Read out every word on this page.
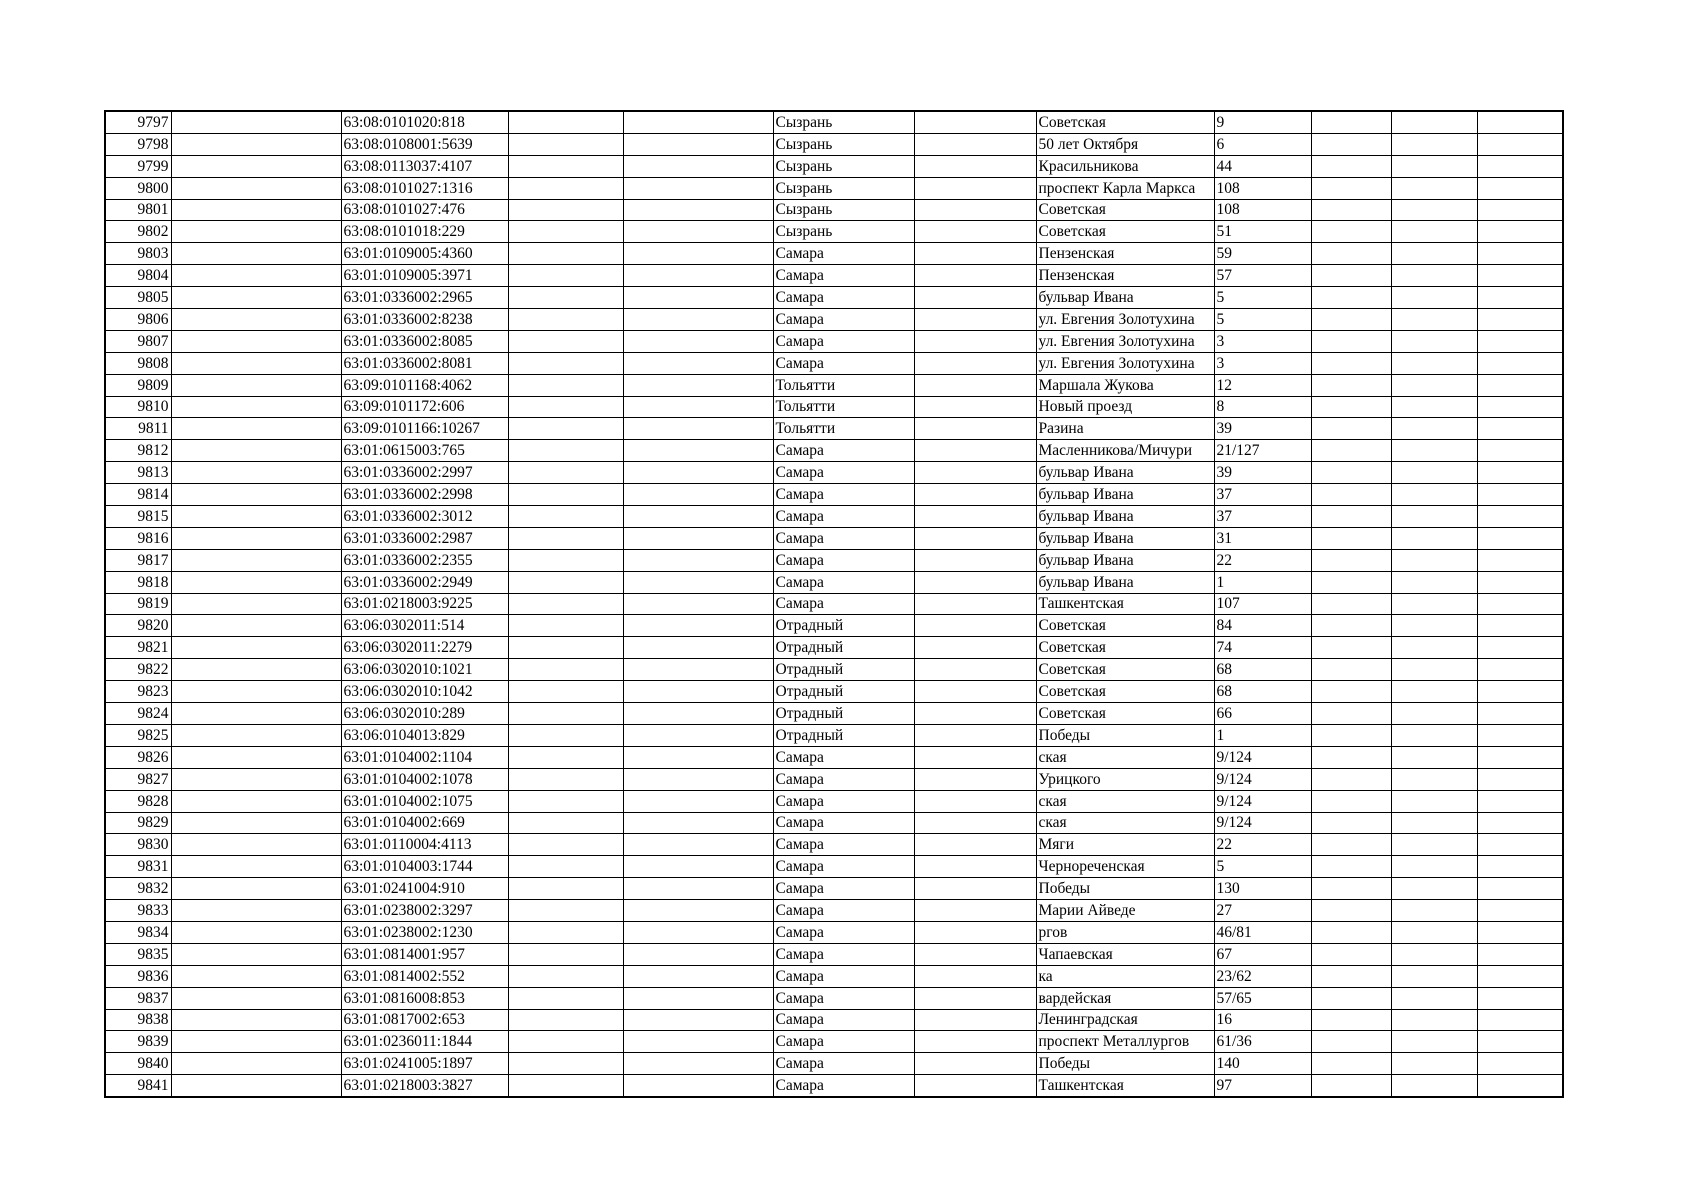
9797		63:08:0101020:818			Сызрань		Советская	9			
9798		63:08:0108001:5639			Сызрань		50 лет Октября	6			
9799		63:08:0113037:4107			Сызрань		Красильникова	44			
9800		63:08:0101027:1316			Сызрань		проспект Карла Маркса	108			
9801		63:08:0101027:476			Сызрань		Советская	108			
9802		63:08:0101018:229			Сызрань		Советская	51			
9803		63:01:0109005:4360			Самара		Пензенская	59			
9804		63:01:0109005:3971			Самара		Пензенская	57			
9805		63:01:0336002:2965			Самара		бульвар Ивана	5			
9806		63:01:0336002:8238			Самара		ул. Евгения Золотухина	5			
9807		63:01:0336002:8085			Самара		ул. Евгения Золотухина	3			
9808		63:01:0336002:8081			Самара		ул. Евгения Золотухина	3			
9809		63:09:0101168:4062			Тольятти		Маршала Жукова	12			
9810		63:09:0101172:606			Тольятти		Новый проезд	8			
9811		63:09:0101166:10267			Тольятти		Разина	39			
9812		63:01:0615003:765			Самара		Масленникова/Мичури	21/127			
9813		63:01:0336002:2997			Самара		бульвар Ивана	39			
9814		63:01:0336002:2998			Самара		бульвар Ивана	37			
9815		63:01:0336002:3012			Самара		бульвар Ивана	37			
9816		63:01:0336002:2987			Самара		бульвар Ивана	31			
9817		63:01:0336002:2355			Самара		бульвар Ивана	22			
9818		63:01:0336002:2949			Самара		бульвар Ивана	1			
9819		63:01:0218003:9225			Самара		Ташкентская	107			
9820		63:06:0302011:514			Отрадный		Советская	84			
9821		63:06:0302011:2279			Отрадный		Советская	74			
9822		63:06:0302010:1021			Отрадный		Советская	68			
9823		63:06:0302010:1042			Отрадный		Советская	68			
9824		63:06:0302010:289			Отрадный		Советская	66			
9825		63:06:0104013:829			Отрадный		Победы	1			
9826		63:01:0104002:1104			Самара		ская	9/124			
9827		63:01:0104002:1078			Самара		Урицкого	9/124			
9828		63:01:0104002:1075			Самара		ская	9/124			
9829		63:01:0104002:669			Самара		ская	9/124			
9830		63:01:0110004:4113			Самара		Мяги	22			
9831		63:01:0104003:1744			Самара		Чернореченская	5			
9832		63:01:0241004:910			Самара		Победы	130			
9833		63:01:0238002:3297			Самара		Марии Айведе	27			
9834		63:01:0238002:1230			Самара		ргов	46/81			
9835		63:01:0814001:957			Самара		Чапаевская	67			
9836		63:01:0814002:552			Самара		ка	23/62			
9837		63:01:0816008:853			Самара		вардейская	57/65			
9838		63:01:0817002:653			Самара		Ленинградская	16			
9839		63:01:0236011:1844			Самара		проспект Металлургов	61/36			
9840		63:01:0241005:1897			Самара		Победы	140			
9841		63:01:0218003:3827			Самара		Ташкентская	97			
